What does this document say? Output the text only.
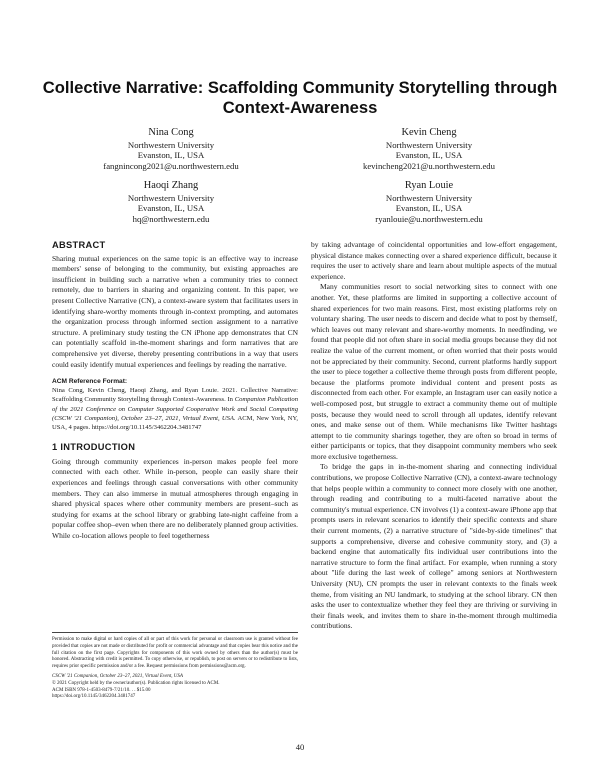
Collective Narrative: Scaffolding Community Storytelling through Context-Awareness
Nina Cong
Northwestern University
Evanston, IL, USA
fangnincong2021@u.northwestern.edu
Kevin Cheng
Northwestern University
Evanston, IL, USA
kevincheng2021@u.northwestern.edu
Haoqi Zhang
Northwestern University
Evanston, IL, USA
hq@northwestern.edu
Ryan Louie
Northwestern University
Evanston, IL, USA
ryanlouie@u.northwestern.edu
ABSTRACT

Sharing mutual experiences on the same topic is an effective way to increase members' sense of belonging to the community, but existing approaches are insufficient in building such a narrative when a community tries to connect remotely, due to barriers in sharing and organizing content. In this paper, we present Collective Narrative (CN), a context-aware system that facilitates users in identifying share-worthy moments through in-context prompting, and automates the organization process through informed section assignment to a narrative structure. A preliminary study testing the CN iPhone app demonstrates that CN can potentially scaffold in-the-moment sharings and form narratives that are comprehensive yet diverse, thereby presenting contributions in a way that users could easily identify mutual experiences and feelings by reading the narrative.

ACM Reference Format:
Nina Cong, Kevin Cheng, Haoqi Zhang, and Ryan Louie. 2021. Collective Narrative: Scaffolding Community Storytelling through Context-Awareness. In Companion Publication of the 2021 Conference on Computer Supported Cooperative Work and Social Computing (CSCW '21 Companion), October 23–27, 2021, Virtual Event, USA. ACM, New York, NY, USA, 4 pages. https://doi.org/10.1145/3462204.3481747
1 INTRODUCTION

Going through community experiences in-person makes people feel more connected with each other. While in-person, people can easily share their experiences and feelings through casual conversations with other community members. They can also immerse in mutual atmospheres through engaging in shared physical spaces where other community members are present–such as studying for exams at the school library or grabbing late-night caffeine from a popular coffee shop–even when there are no deliberately planned group activities. While co-location allows people to feel togetherness

by taking advantage of coincidental opportunities and low-effort engagement, physical distance makes connecting over a shared experience difficult, because it requires the user to actively share and learn about multiple aspects of the mutual experience.

Many communities resort to social networking sites to connect with one another. Yet, these platforms are limited in supporting a collective account of shared experiences for two main reasons. First, most existing platforms rely on voluntary sharing. The user needs to discern and decide what to post by themself, which leaves out many relevant and share-worthy moments. In needfinding, we found that people did not often share in social media groups because they did not realize the value of the current moment, or often worried that their posts would not be appreciated by their community. Second, current platforms hardly support the user to piece together a collective theme through posts from different people, because the platforms promote individual content and present posts as disconnected from each other. For example, an Instagram user can easily notice a well-composed post, but struggle to extract a community theme out of multiple posts, because they would need to scroll through all updates, identify relevant ones, and make sense out of them. While mechanisms like Twitter hashtags attempt to tie community sharings together, they are often so broad in terms of either participants or topics, that they disappoint community members who seek more exclusive togetherness.

To bridge the gaps in in-the-moment sharing and connecting individual contributions, we propose Collective Narrative (CN), a context-aware technology that helps people within a community to connect more closely with one another, through reading and contributing to a multi-faceted narrative about the community's mutual experience. CN involves (1) a context-aware iPhone app that prompts users in relevant scenarios to identify their specific contexts and share their current moments, (2) a narrative structure of "side-by-side timelines" that supports a comprehensive, diverse and cohesive community story, and (3) a backend engine that automatically fits individual user contributions into the narrative structure to form the final artifact. For example, when running a story about "life during the last week of college" among seniors at Northwestern University (NU), CN prompts the user in relevant contexts to the finals week theme, from visiting an NU landmark, to studying at the school library. CN then asks the user to contextualize whether they feel they are thriving or surviving in their finals week, and invites them to share in-the-moment through multimedia contributions.

Permission to make digital or hard copies of all or part of this work for personal or classroom use is granted without fee provided that copies are not made or distributed for profit or commercial advantage and that copies bear this notice and the full citation on the first page. Copyrights for components of this work owned by others than the author(s) must be honored. Abstracting with credit is permitted. To copy otherwise, or republish, to post on servers or to redistribute to lists, requires prior specific permission and/or a fee. Request permissions from permissions@acm.org.

CSCW '21 Companion, October 23–27, 2021, Virtual Event, USA

© 2021 Copyright held by the owner/author(s). Publication rights licensed to ACM.

ACM ISBN 978-1-4503-8479-7/21/10. . . $15.00

https://doi.org/10.1145/3462204.3481747

40
